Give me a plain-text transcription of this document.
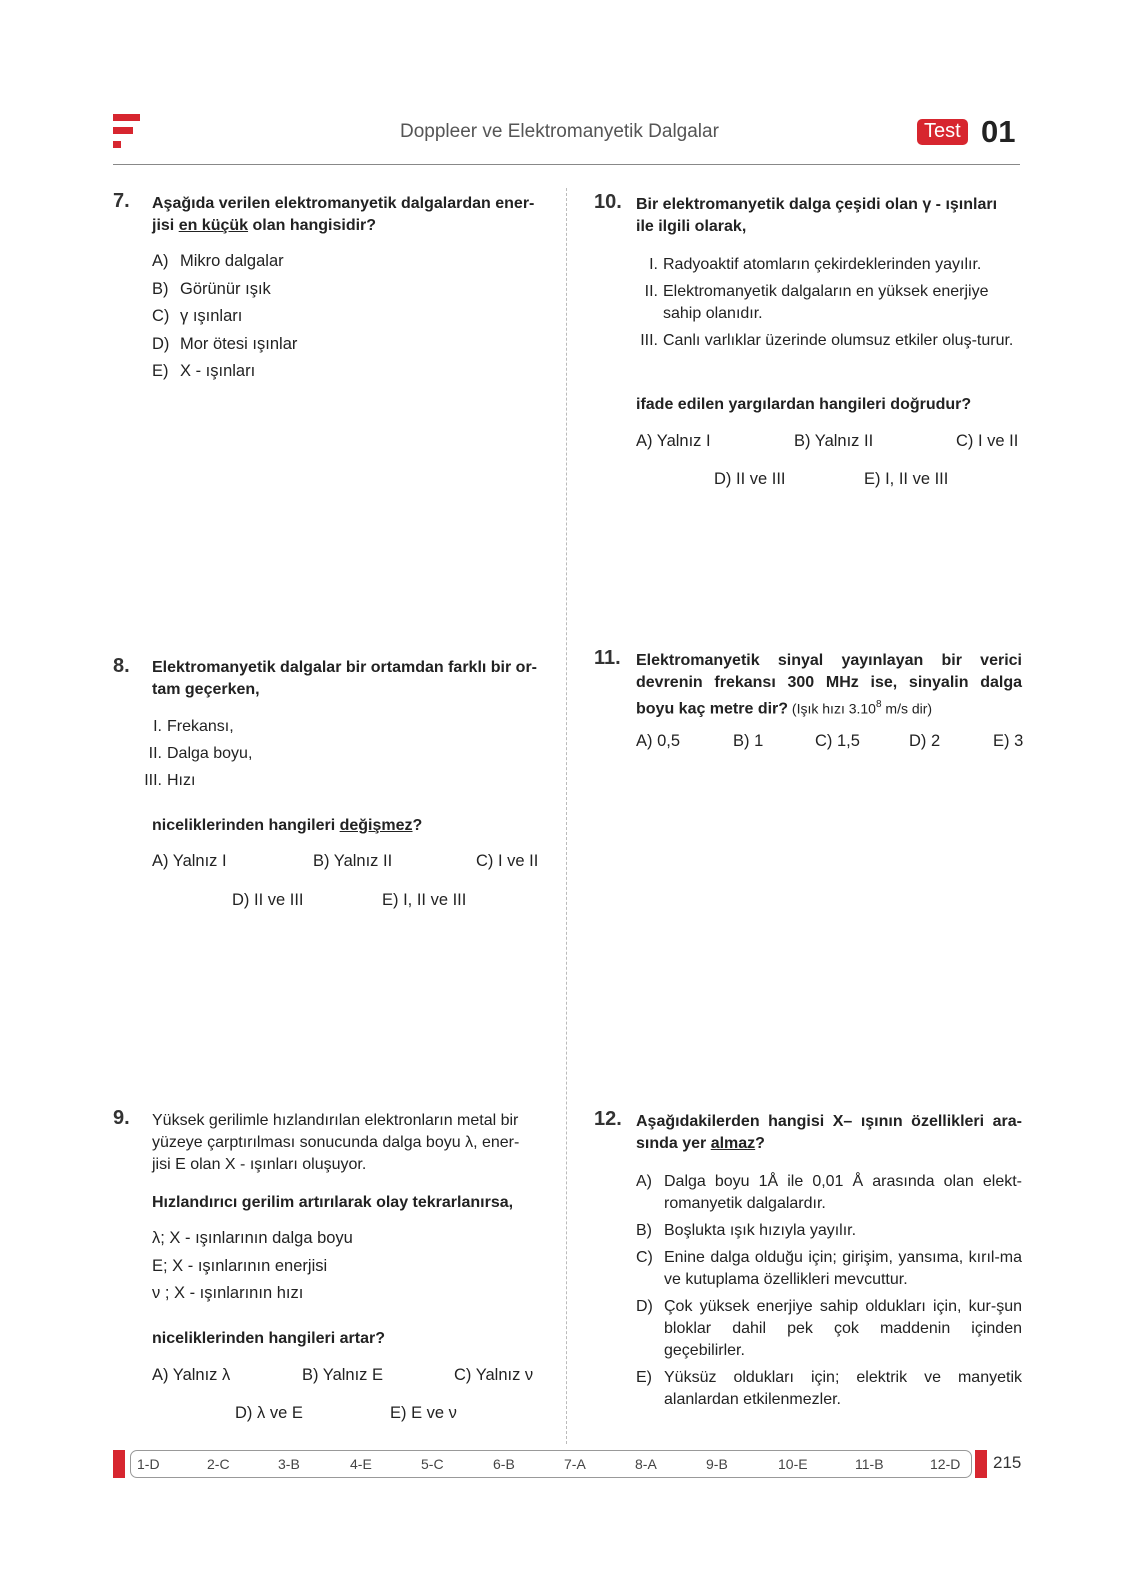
Doppleer ve Elektromanyetik Dalgalar	Test 01
7. Aşağıda verilen elektromanyetik dalgalardan ener-
jisi en küçük olan hangisidir?
A) Mikro dalgalar
B) Görünür ışık
C) γ ışınları
D) Mor ötesi ışınlar
E) X - ışınları
8. Elektromanyetik dalgalar bir ortamdan farklı bir or-
tam geçerken,
I. Frekansı,
II. Dalga boyu,
III. Hızı
niceliklerinden hangileri değişmez?
A) Yalnız I	B) Yalnız II	C) I ve II
D) II ve III	E) I, II ve III
9. Yüksek gerilimle hızlandırılan elektronların metal bir
yüzeye çarptırılması sonucunda dalga boyu λ, ener-
jisi E olan X - ışınları oluşuyor.
Hızlandırıcı gerilim artırılarak olay tekrarlanırsa,
λ; X - ışınlarının dalga boyu
E; X - ışınlarının enerjisi
ν ; X - ışınlarının hızı
niceliklerinden hangileri artar?
A) Yalnız λ	B) Yalnız E	C) Yalnız ν
D) λ ve E	E) E ve ν
10. Bir elektromanyetik dalga çeşidi olan γ - ışınları
ile ilgili olarak,
I. Radyoaktif atomların çekirdeklerinden yayılır.
II. Elektromanyetik dalgaların en yüksek enerjiye sahip olanıdır.
III. Canlı varlıklar üzerinde olumsuz etkiler oluş-turur.
ifade edilen yargılardan hangileri doğrudur?
A) Yalnız I	B) Yalnız II	C) I ve II
D) II ve III	E) I, II ve III
11. Elektromanyetik sinyal yayınlayan bir verici
devrenin frekansı 300 MHz ise, sinyalin dalga
boyu kaç metre dir? (Işık hızı 3.10$^8$ m/s dir)
A) 0,5	B) 1	C) 1,5	D) 2	E) 3
12. Aşağıdakilerden hangisi X– ışının özellikleri ara-
sında yer almaz?
A) Dalga boyu 1Å ile 0,01 Å arasında olan elekt-romanyetik dalgalardır.
B) Boşlukta ışık hızıyla yayılır.
C) Enine dalga olduğu için; girişim, yansıma, kırıl-ma ve kutuplama özellikleri mevcuttur.
D) Çok yüksek enerjiye sahip oldukları için, kur-şun bloklar dahil pek çok maddenin içinden geçebilirler.
E) Yüksüz oldukları için; elektrik ve manyetik alanlardan etkilenmezler.
1-D	2-C	3-B	4-E	5-C	6-B	7-A	8-A	9-B	10-E	11-B	12-D 215
